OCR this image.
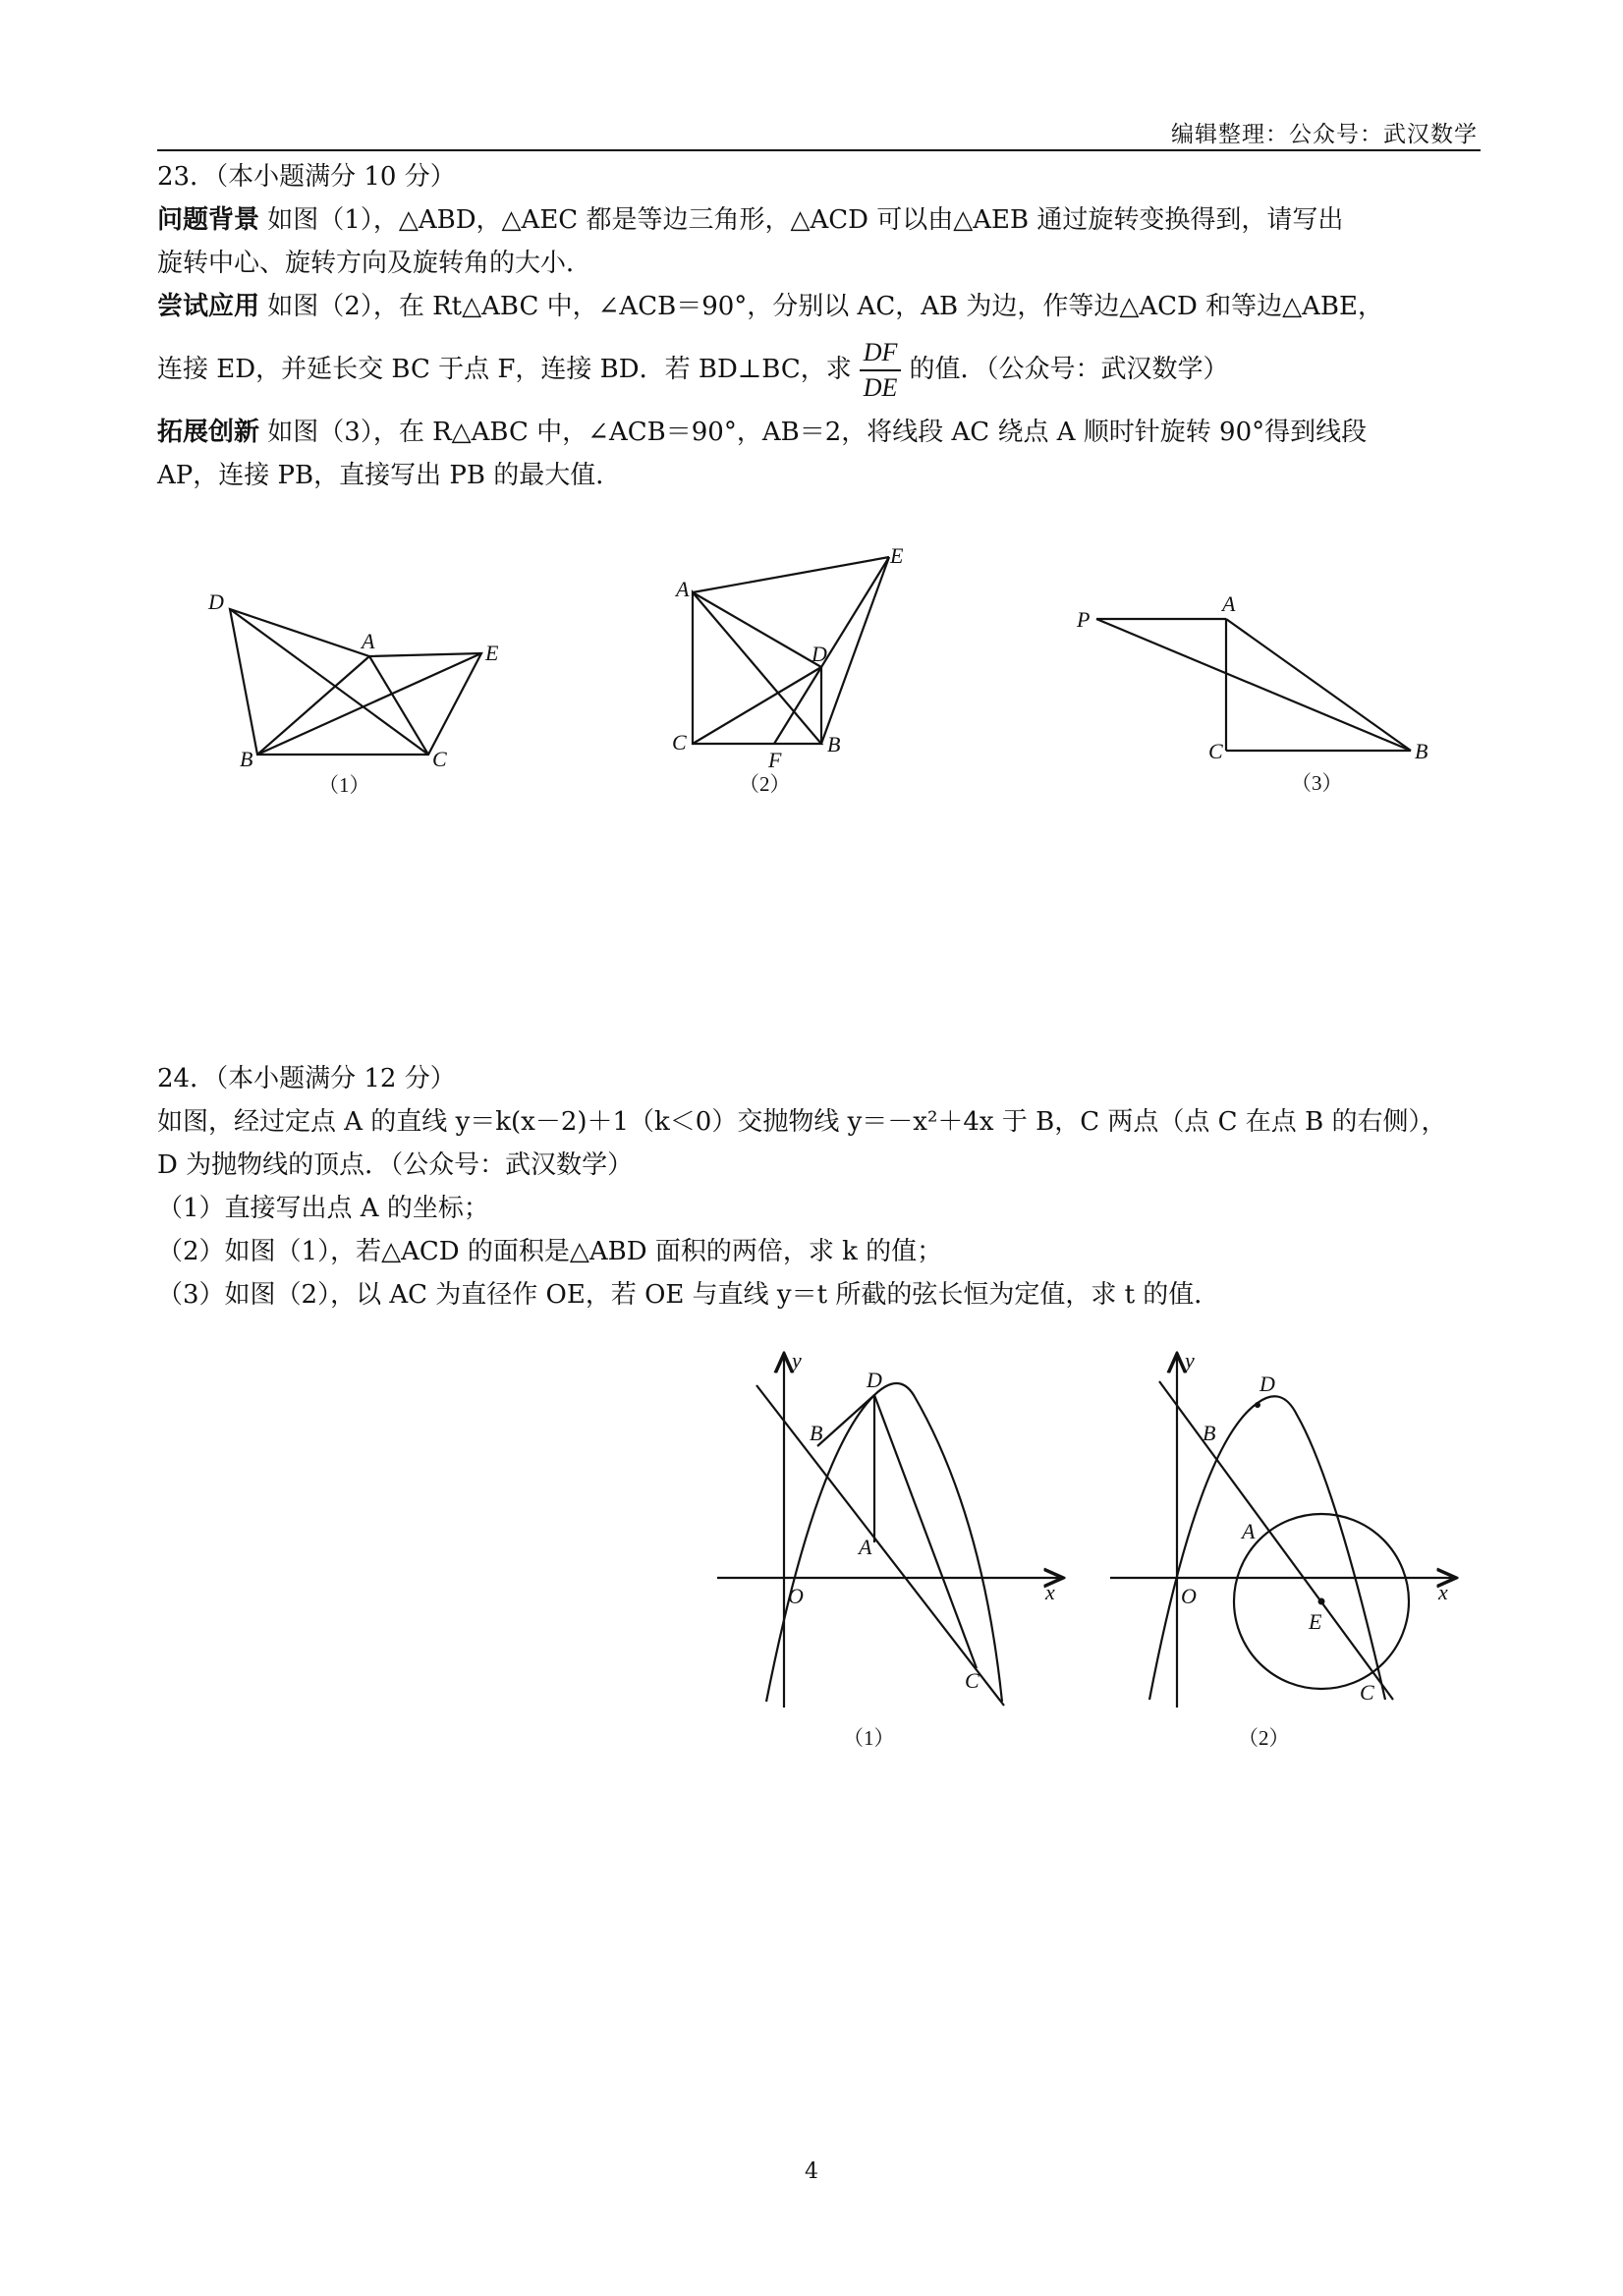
编辑整理：公众号：武汉数学
23．（本小题满分 10 分）
问题背景 如图（1），△ABD，△AEC 都是等边三角形，△ACD 可以由△AEB 通过旋转变换得到，请写出
旋转中心、旋转方向及旋转角的大小．
尝试应用 如图（2），在 Rt△ABC 中，∠ACB＝90°，分别以 AC，AB 为边，作等边△ACD 和等边△ABE，
连接 ED，并延长交 BC 于点 F，连接 BD．若 BD⊥BC，求 $\frac{DF}{DE}$ 的值．（公众号：武汉数学）
拓展创新 如图（3），在 R△ABC 中，∠ACB＝90°，AB＝2，将线段 AC 绕点 A 顺时针旋转 90°得到线段
AP，连接 PB，直接写出 PB 的最大值．
D
A	E
B	C
（1）
A
E
D
C
F
B
（2）
P
A
C	B
（3）
24．（本小题满分 12 分）
如图，经过定点 A 的直线 y＝k(x－2)＋1（k＜0）交抛物线 y＝－x²＋4x 于 B，C 两点（点 C 在点 B 的右侧），
D 为抛物线的顶点．（公众号：武汉数学）
（1）直接写出点 A 的坐标；
（2）如图（1），若△ACD 的面积是△ABD 面积的两倍，求 k 的值；
（3）如图（2），以 AC 为直径作 OE，若 OE 与直线 y＝t 所截的弦长恒为定值，求 t 的值．
y
x
O
D
B
A
C
（1）
y
x
O
D
B
A
E
C
（2）
4
